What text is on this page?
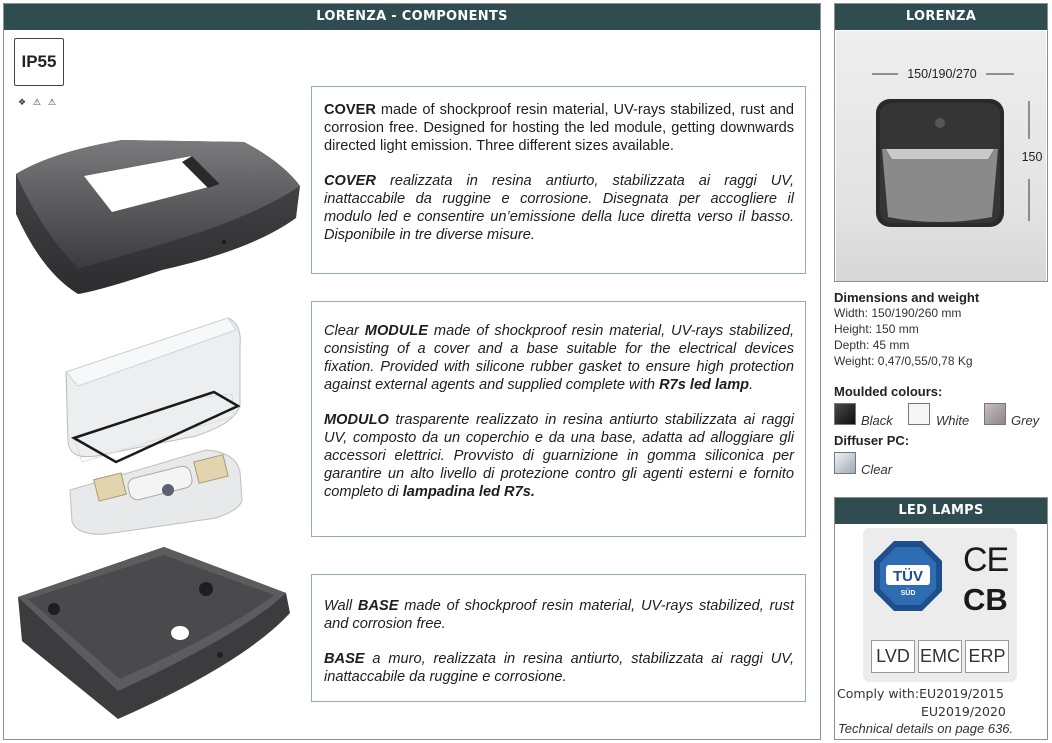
LORENZA - COMPONENTS
IP55
❖ ⚠ ⚠	COVER made of shockproof resin material, UV-rays stabilized, rust and corrosion free. Designed for hosting the led module, getting downwards directed light emission. Three different sizes available.

COVER realizzata in resina antiurto, stabilizzata ai raggi UV, inattaccabile da ruggine e corrosione. Disegnata per accogliere il modulo led e consentire un’emissione della luce diretta verso il basso. Disponibile in tre diverse misure.

Clear MODULE made of shockproof resin material, UV-rays stabilized, consisting of a cover and a base suitable for the electrical devices fixation. Provided with silicone rubber gasket to ensure high protection against external agents and supplied complete with R7s led lamp.

MODULO trasparente realizzato in resina antiurto stabilizzata ai raggi UV, composto da un coperchio e da una base, adatta ad alloggiare gli accessori elettrici. Provvisto di guarnizione in gomma siliconica per garantire un alto livello di protezione contro gli agenti esterni e fornito completo di lampadina led R7s.

Wall BASE made of shockproof resin material, UV-rays stabilized, rust and corrosion free.

BASE a muro, realizzata in resina antiurto, stabilizzata ai raggi UV, inattaccabile da ruggine e corrosione.

LORENZA
150/190/270
150
Dimensions and weight
Width: 150/190/260 mm
Height: 150 mm
Depth: 45 mm
Weight: 0,47/0,55/0,78 Kg
Moulded colours:
Black	White	Grey
Diffuser PC:
Clear
LED LAMPS
TÜV
SÜD
CE
CB
LVD EMC ERP
Comply with:EU2019/2015
EU2019/2020
Technical details on page 636.
